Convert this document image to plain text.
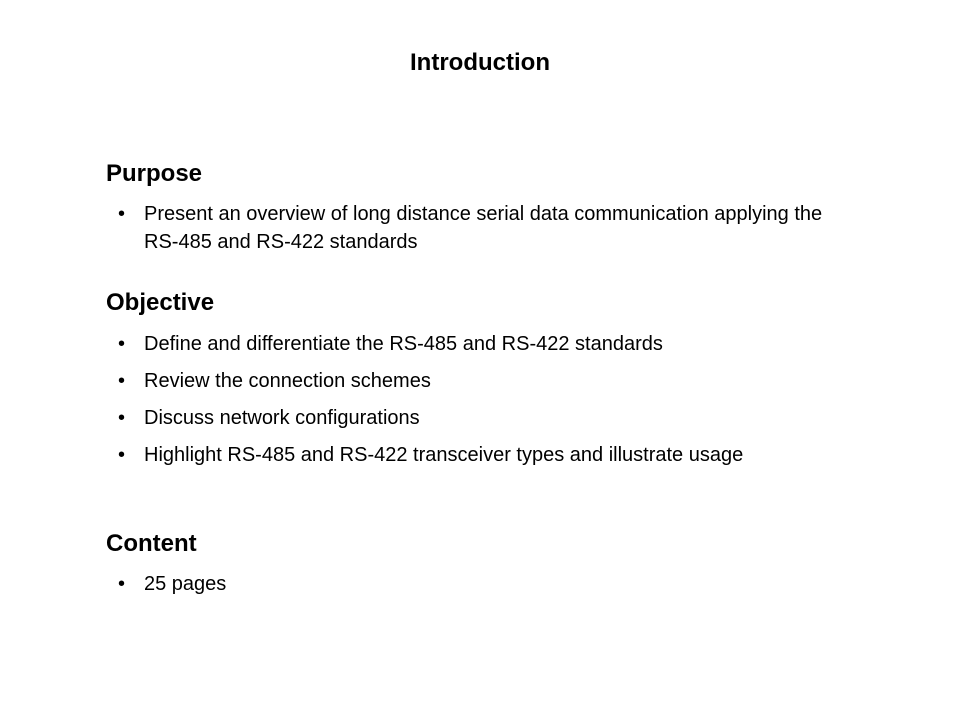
Introduction
Purpose
• Present an overview of long distance serial data communication applying the RS-485 and RS-422 standards
Objective
• Define and differentiate the RS-485 and RS-422 standards
• Review the connection schemes
• Discuss network configurations
• Highlight RS-485 and RS-422 transceiver types and illustrate usage
Content
• 25 pages
